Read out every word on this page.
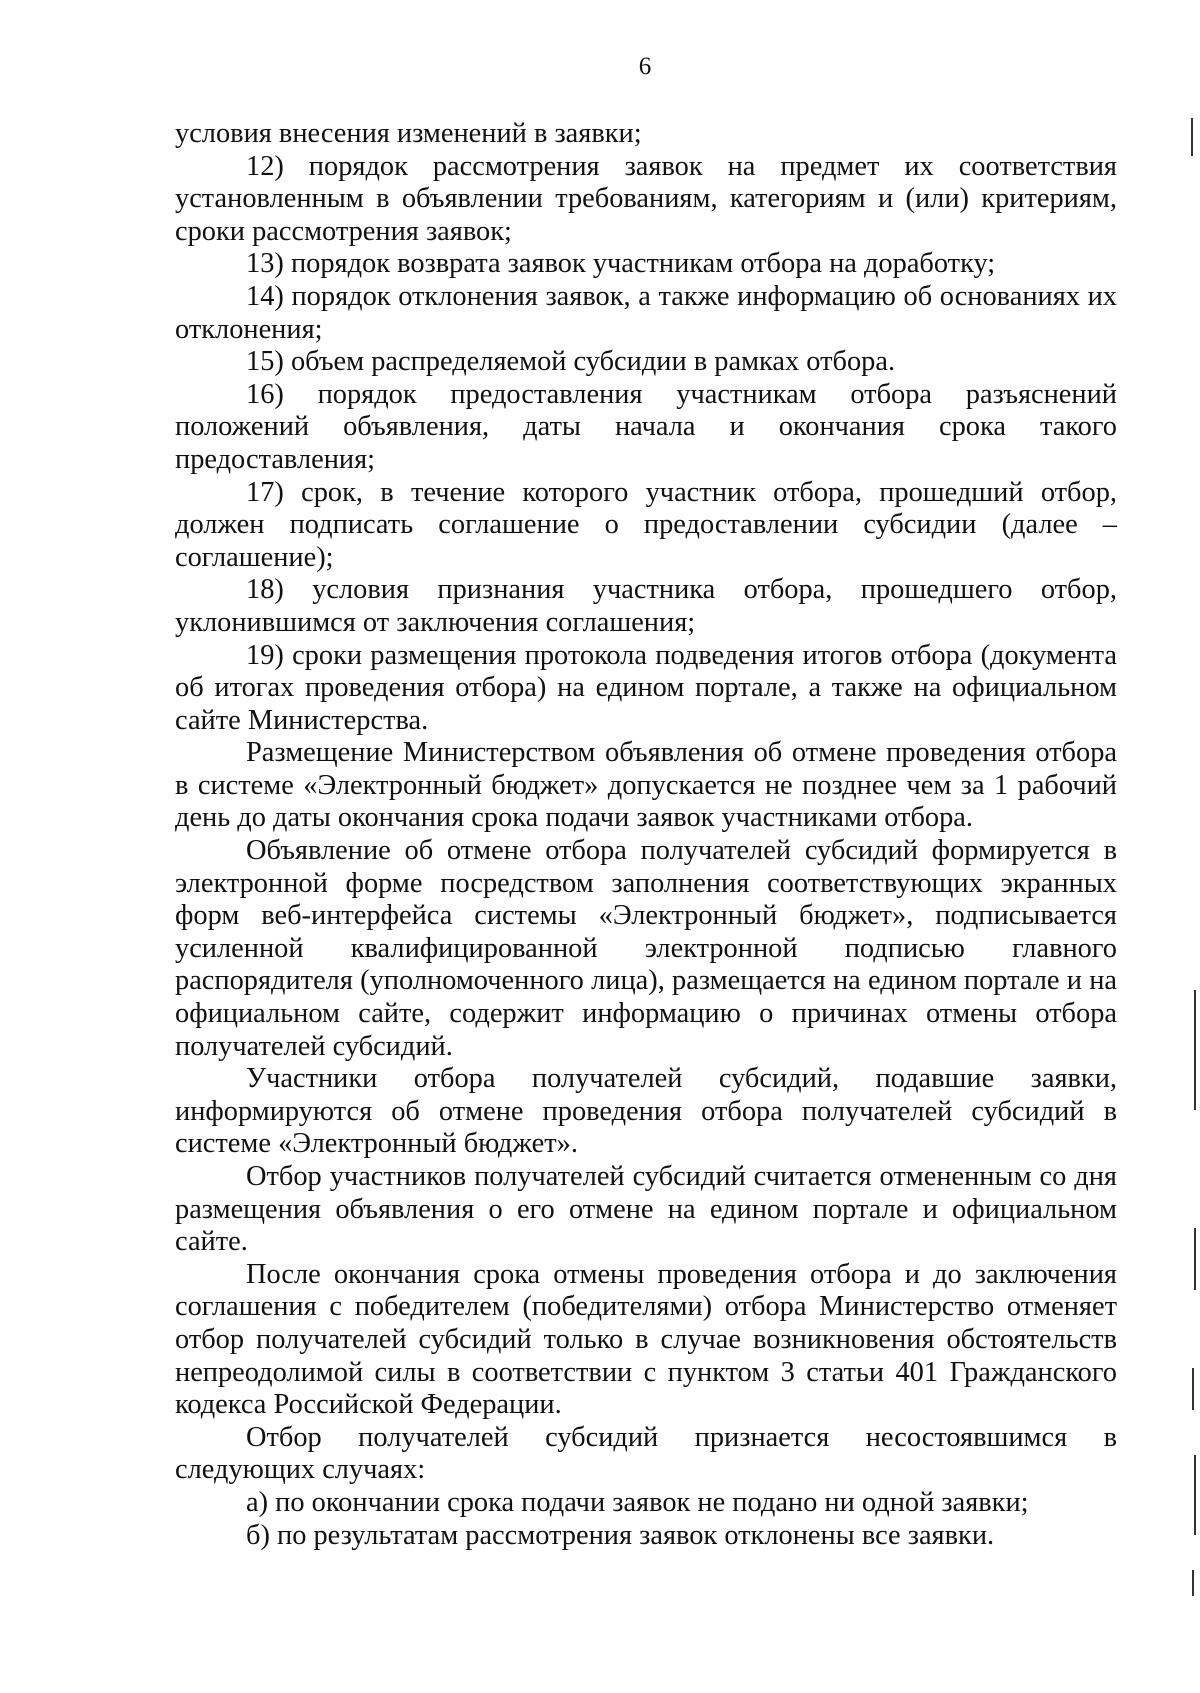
6

условия внесения изменений в заявки;

12) порядок рассмотрения заявок на предмет их соответствия установленным в объявлении требованиям, категориям и (или) критериям, сроки рассмотрения заявок;

13) порядок возврата заявок участникам отбора на доработку;

14) порядок отклонения заявок, а также информацию об основаниях их отклонения;

15) объем распределяемой субсидии в рамках отбора.

16) порядок предоставления участникам отбора разъяснений положений объявления, даты начала и окончания срока такого предоставления;

17) срок, в течение которого участник отбора, прошедший отбор, должен подписать соглашение о предоставлении субсидии (далее – соглашение);

18) условия признания участника отбора, прошедшего отбор, уклонившимся от заключения соглашения;

19) сроки размещения протокола подведения итогов отбора (документа об итогах проведения отбора) на едином портале, а также на официальном сайте Министерства.

Размещение Министерством объявления об отмене проведения отбора в системе «Электронный бюджет» допускается не позднее чем за 1 рабочий день до даты окончания срока подачи заявок участниками отбора.

Объявление об отмене отбора получателей субсидий формируется в электронной форме посредством заполнения соответствующих экранных форм веб-интерфейса системы «Электронный бюджет», подписывается усиленной квалифицированной электронной подписью главного распорядителя (уполномоченного лица), размещается на едином портале и на официальном сайте, содержит информацию о причинах отмены отбора получателей субсидий.

Участники отбора получателей субсидий, подавшие заявки, информируются об отмене проведения отбора получателей субсидий в системе «Электронный бюджет».

Отбор участников получателей субсидий считается отмененным со дня размещения объявления о его отмене на едином портале и официальном сайте.

После окончания срока отмены проведения отбора и до заключения соглашения с победителем (победителями) отбора Министерство отменяет отбор получателей субсидий только в случае возникновения обстоятельств непреодолимой силы в соответствии с пунктом 3 статьи 401 Гражданского кодекса Российской Федерации.

Отбор получателей субсидий признается несостоявшимся в следующих случаях:

а) по окончании срока подачи заявок не подано ни одной заявки;

б) по результатам рассмотрения заявок отклонены все заявки.
